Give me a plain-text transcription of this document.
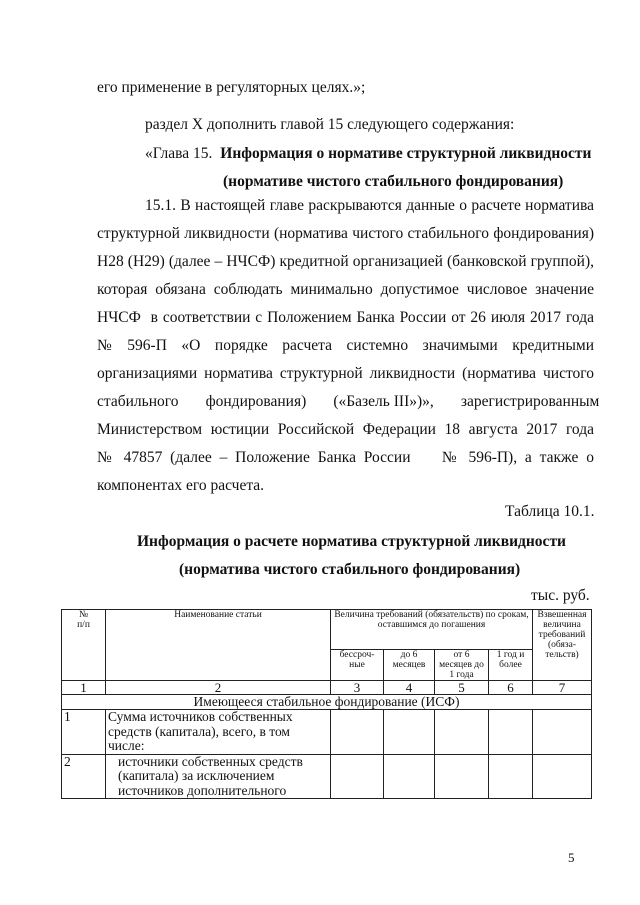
его применение в регуляторных целях.»;
раздел X дополнить главой 15 следующего содержания:
«Глава 15. Информация о нормативе структурной ликвидности
(нормативе чистого стабильного фондирования)
15.1. В настоящей главе раскрываются данные о расчете норматива
структурной ликвидности (норматива чистого стабильного фондирования)
Н28 (Н29) (далее – НЧСФ) кредитной организацией (банковской группой),
которая обязана соблюдать минимально допустимое числовое значение
НЧСФ  в соответствии с Положением Банка России от 26 июля 2017 года
№   596-П   «О   порядке   расчета   системно   значимыми   кредитными
организациями норматива структурной ликвидности (норматива чистого
стабильного       фондирования)       («Базель III»)»,       зарегистрированным
Министерством юстиции Российской Федерации 18 августа 2017 года
№ 47857 (далее – Положение Банка России    № 596-П), а также о
компонентах его расчета.
Таблица 10.1.
Информация о расчете норматива структурной ликвидности
(норматива чистого стабильного фондирования)
тыс. руб.
№
п/п	Наименование статьи	Величина требований (обязательств) по срокам, оставшимся до погашения				Взвешенная величина требований (обяза-тельств)
		бессроч-ные	до 6 месяцев	от 6 месяцев до 1 года	1 год и более	
1	2	3	4	5	6	7
Имеющееся стабильное фондирование (ИСФ)						
1	Сумма источников собственных средств (капитала), всего, в том числе:					
2	источники собственных средств (капитала) за исключением источников дополнительного					
5
